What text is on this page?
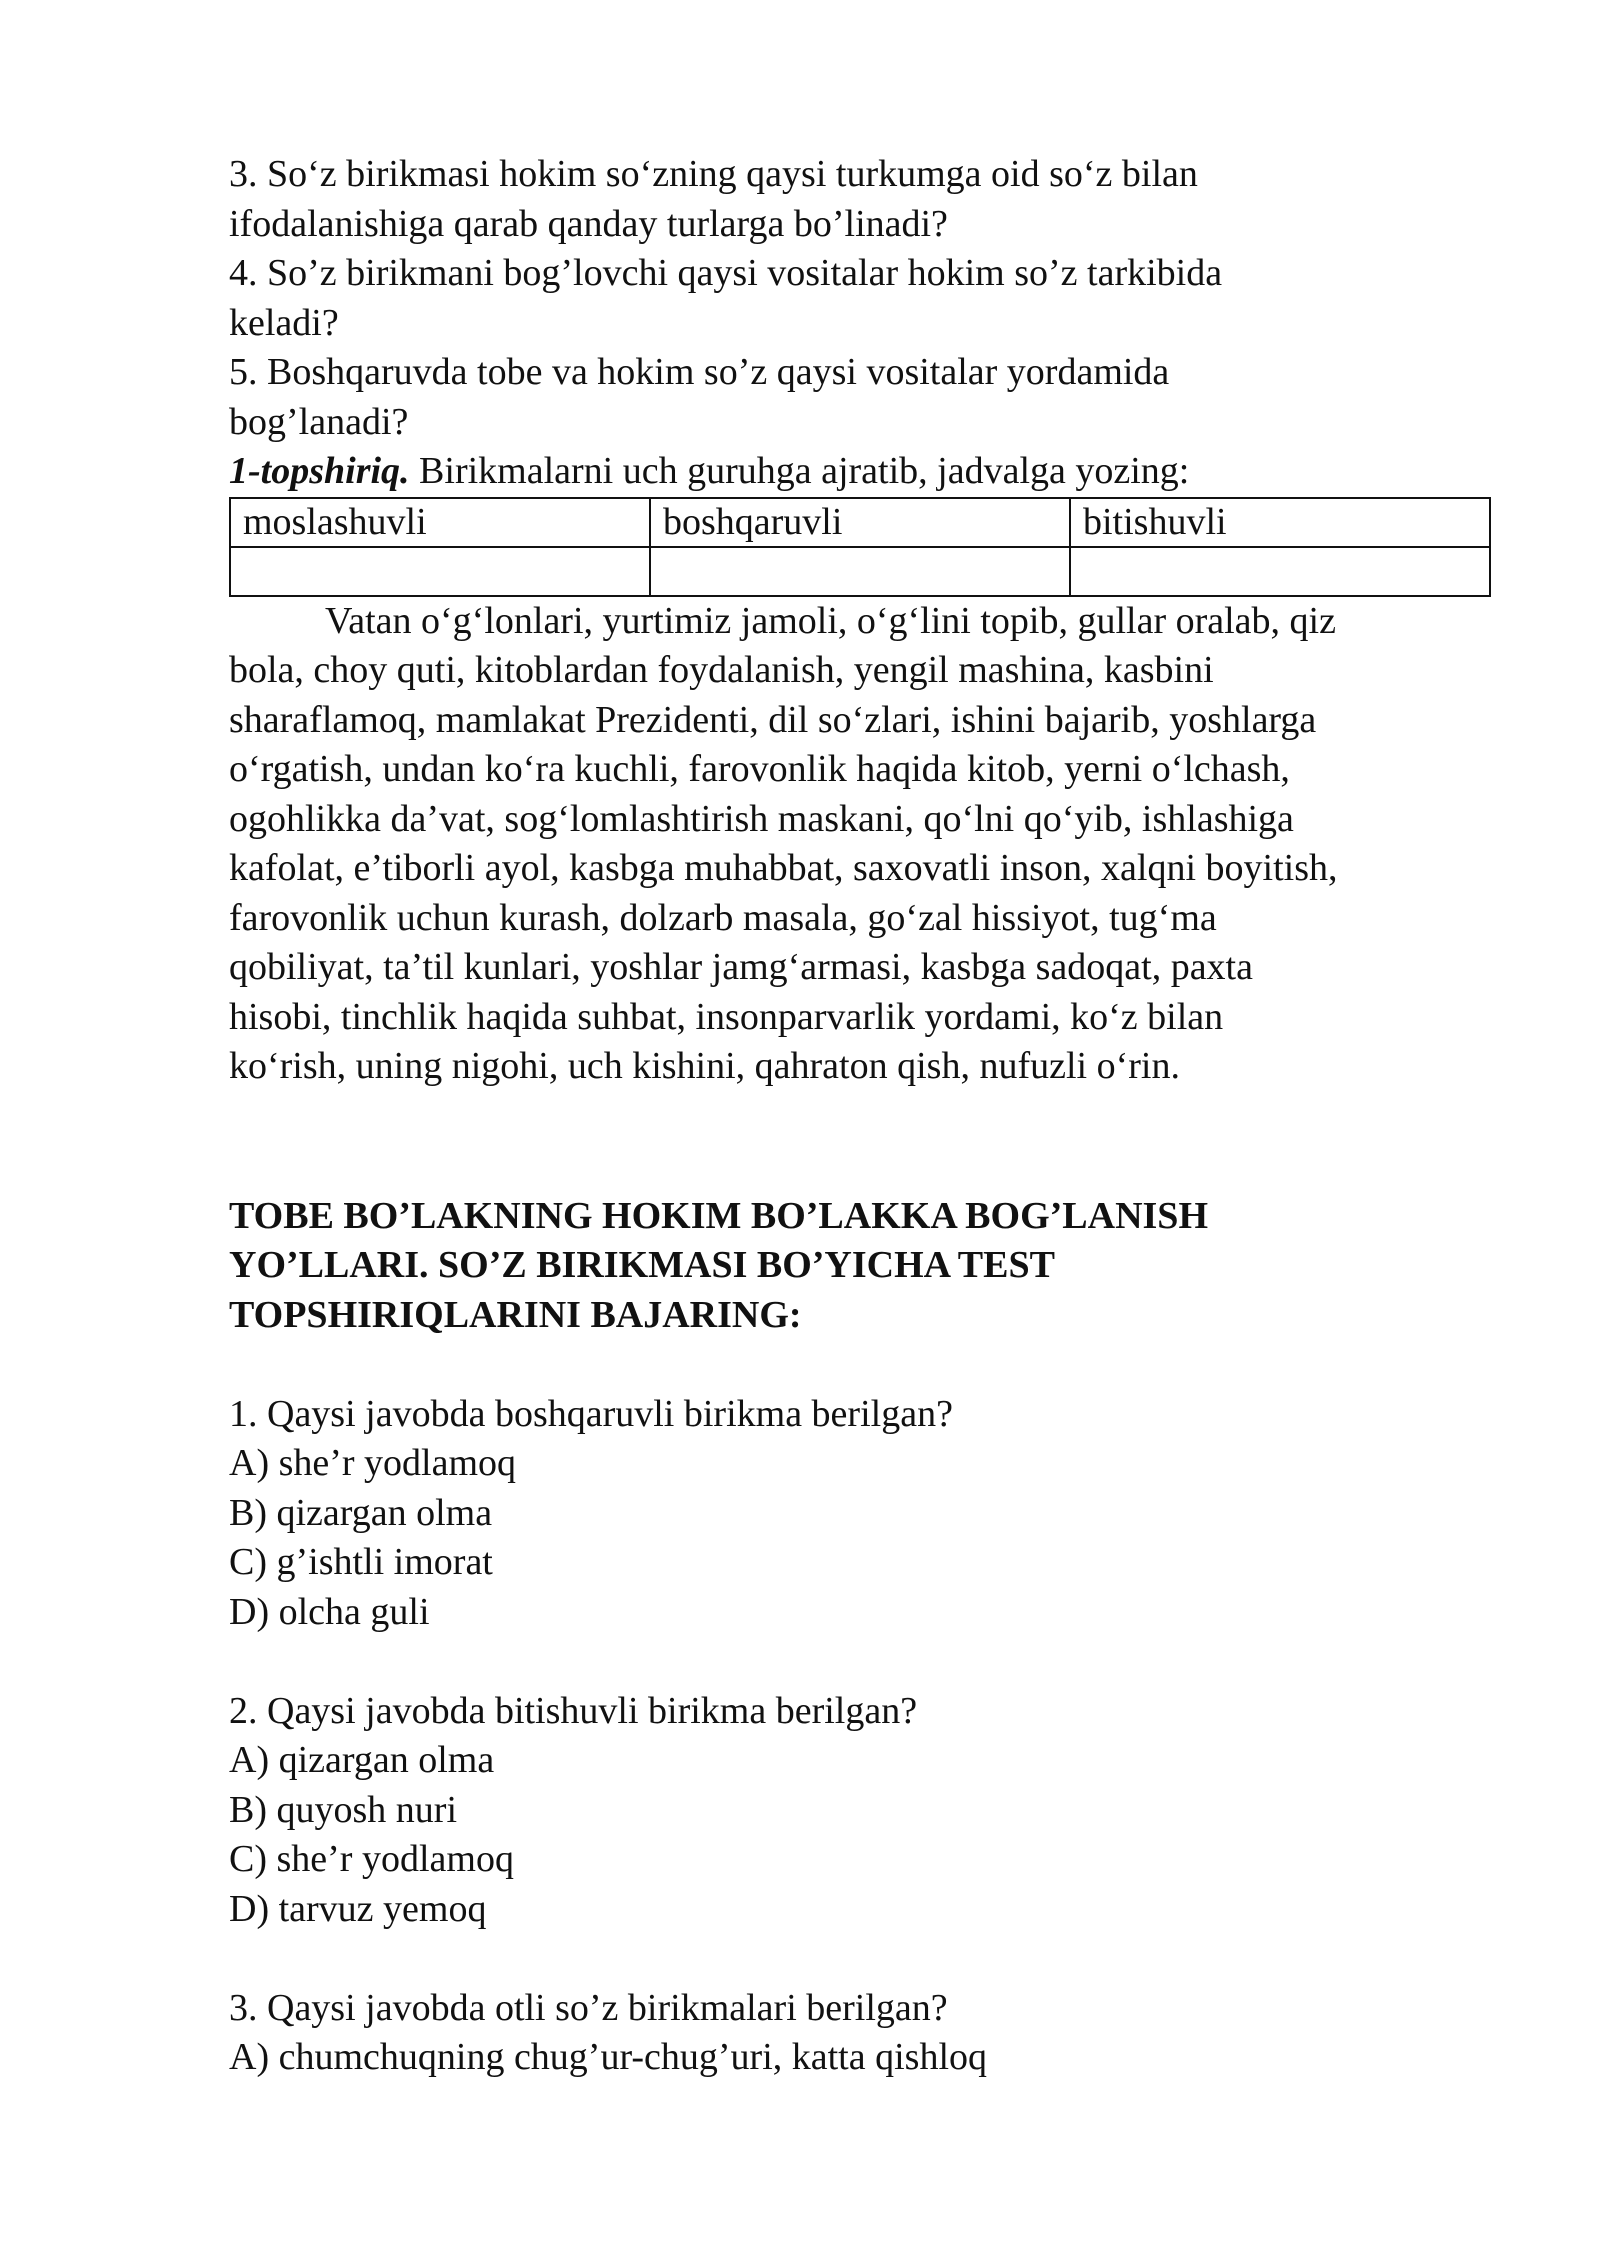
3. So‘z birikmasi hokim so‘zning qaysi turkumga oid so‘z bilan
ifodalanishiga qarab qanday turlarga bo’linadi?
4. So’z birikmani bog’lovchi qaysi vositalar hokim so’z tarkibida
keladi?
5. Boshqaruvda tobe va hokim so’z qaysi vositalar yordamida
bog’lanadi?
1-topshiriq. Birikmalarni uch guruhga ajratib, jadvalga yozing:
moslashuvli	boshqaruvli	bitishuvli

Vatan o‘g‘lonlari, yurtimiz jamoli, o‘g‘lini topib, gullar oralab, qiz
bola, choy quti, kitoblardan foydalanish, yengil mashina, kasbini
sharaflamoq, mamlakat Prezidenti, dil so‘zlari, ishini bajarib, yoshlarga
o‘rgatish, undan ko‘ra kuchli, farovonlik haqida kitob, yerni o‘lchash,
ogohlikka da’vat, sog‘lomlashtirish maskani, qo‘lni qo‘yib, ishlashiga
kafolat, e’tiborli ayol, kasbga muhabbat, saxovatli inson, xalqni boyitish,
farovonlik uchun kurash, dolzarb masala, go‘zal hissiyot, tug‘ma
qobiliyat, ta’til kunlari, yoshlar jamg‘armasi, kasbga sadoqat, paxta
hisobi, tinchlik haqida suhbat, insonparvarlik yordami, ko‘z bilan
ko‘rish, uning nigohi, uch kishini, qahraton qish, nufuzli o‘rin.
TOBE BO’LAKNING HOKIM BO’LAKKA BOG’LANISH
YO’LLARI. SO’Z BIRIKMASI BO’YICHA TEST
TOPSHIRIQLARINI BAJARING:
1. Qaysi javobda boshqaruvli birikma berilgan?
A) she’r yodlamoq
B) qizargan olma
C) g’ishtli imorat
D) olcha guli
2. Qaysi javobda bitishuvli birikma berilgan?
A) qizargan olma
B) quyosh nuri
C) she’r yodlamoq
D) tarvuz yemoq
3. Qaysi javobda otli so’z birikmalari berilgan?
A) chumchuqning chug’ur-chug’uri, katta qishloq
